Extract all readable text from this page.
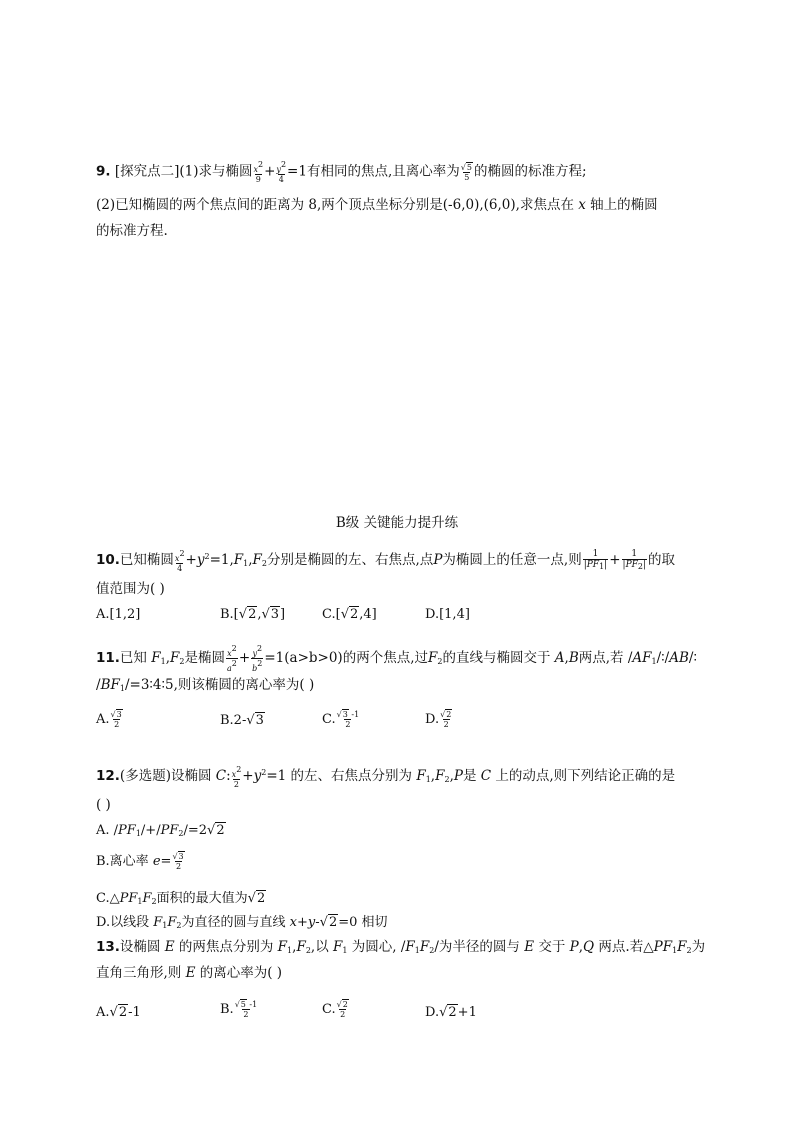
9. [探究点二](1)求与椭圆 $\frac{x^2}{9} + \frac{y^2}{4} =1$有相同的焦点,且离心率为 $\frac{√5}{5}$ 的椭圆的标准方程;
(2)已知椭圆的两个焦点间的距离为 8,两个顶点坐标分别是(-6,0),(6,0),求焦点在 x 轴上的椭圆
的标准方程.
B级 关键能力提升练
10.已知椭圆 $\frac{x^2}{4} +y^2=1,F_1,F_2$分别是椭圆的左、右焦点,点P为椭圆上的任意一点,则 $\frac{1}{|PF_1|} + \frac{1}{|PF_2|}$ 的取
值范围为( )
A.[1,2]	B.[√2,√3]	C.[√2,4]	D.[1,4]
11.已知 $F_1,F_2$是椭圆 $\frac{x^2}{a^2} + \frac{y^2}{b^2} =1(a>b>0)$的两个焦点,过$F_2$的直线与椭圆交于 A,B两点,若 $/AF_1/∶/AB/∶$
$/BF_1/=3∶4∶5$,则该椭圆的离心率为( )
A. $\frac{√3}{2}$	B.2-√3	C. $\frac{√3 -1}{2}$	D. $\frac{√2}{2}$
12.(多选题)设椭圆 C: $\frac{x^2}{2} +y^2=1$ 的左、右焦点分别为 $F_1,F_2,P$是 C 上的动点,则下列结论正确的是
( )
A. $/PF_1/+/PF_2/=2√2$
B.离心率 $e= \frac{√3}{2}$
$C.\triangle PF_1F_2$面积的最大值为√2
D.以线段 $F_1F_2$为直径的圆与直线 x+y-√2=0 相切
13.设椭圆 E 的两焦点分别为 $F_1,F_2$,以 $F_1$ 为圆心, $/F_1F_2/$为半径的圆与 E 交于 P,Q 两点.若$\triangle PF_1F_2$为
直角三角形,则 E 的离心率为( )
A.√2-1	B. $\frac{√5 -1}{2}$	C. $\frac{√2}{2}$	D.√2+1
